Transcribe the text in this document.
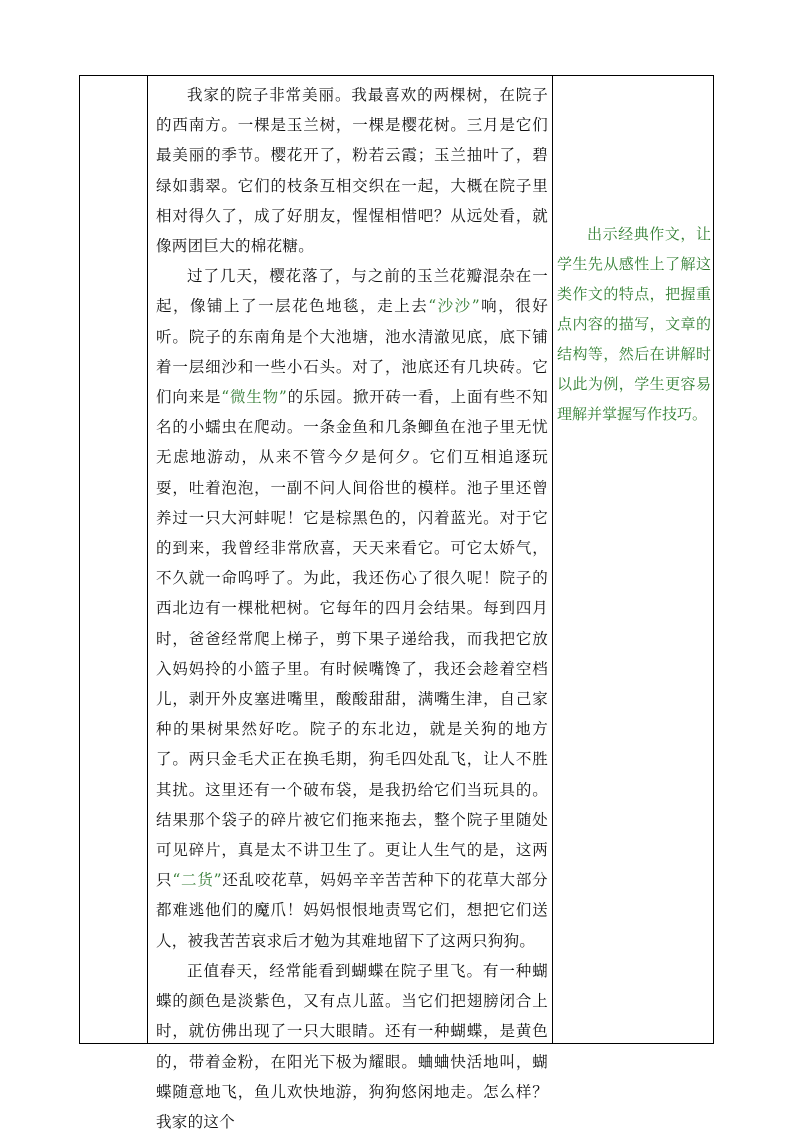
我家的院子非常美丽。我最喜欢的两棵树，在院子的西南方。一棵是玉兰树，一棵是樱花树。三月是它们最美丽的季节。樱花开了，粉若云霞；玉兰抽叶了，碧绿如翡翠。它们的枝条互相交织在一起，大概在院子里相对得久了，成了好朋友，惺惺相惜吧？从远处看，就像两团巨大的棉花糖。

过了几天，樱花落了，与之前的玉兰花瓣混杂在一起，像铺上了一层花色地毯，走上去“沙沙”响，很好听。院子的东南角是个大池塘，池水清澈见底，底下铺着一层细沙和一些小石头。对了，池底还有几块砖。它们向来是“微生物”的乐园。掀开砖一看，上面有些不知名的小蠕虫在爬动。一条金鱼和几条鲫鱼在池子里无忧无虑地游动，从来不管今夕是何夕。它们互相追逐玩耍，吐着泡泡，一副不问人间俗世的模样。池子里还曾养过一只大河蚌呢！它是棕黑色的，闪着蓝光。对于它的到来，我曾经非常欣喜，天天来看它。可它太娇气，不久就一命呜呼了。为此，我还伤心了很久呢！院子的西北边有一棵枇杷树。它每年的四月会结果。每到四月时，爸爸经常爬上梯子，剪下果子递给我，而我把它放入妈妈拎的小篮子里。有时候嘴馋了，我还会趁着空档儿，剥开外皮塞进嘴里，酸酸甜甜，满嘴生津，自己家种的果树果然好吃。院子的东北边，就是关狗的地方了。两只金毛犬正在换毛期，狗毛四处乱飞，让人不胜其扰。这里还有一个破布袋，是我扔给它们当玩具的。结果那个袋子的碎片被它们拖来拖去，整个院子里随处可见碎片，真是太不讲卫生了。更让人生气的是，这两只“二货”还乱咬花草，妈妈辛辛苦苦种下的花草大部分都难逃他们的魔爪！妈妈恨恨地责骂它们，想把它们送人，被我苦苦哀求后才勉为其难地留下了这两只狗狗。

正值春天，经常能看到蝴蝶在院子里飞。有一种蝴蝶的颜色是淡紫色，又有点儿蓝。当它们把翅膀闭合上时，就仿佛出现了一只大眼睛。还有一种蝴蝶，是黄色的，带着金粉，在阳光下极为耀眼。蛐蛐快活地叫，蝴蝶随意地飞，鱼儿欢快地游，狗狗悠闲地走。怎么样？我家的这个

出示经典作文，让学生先从感性上了解这类作文的特点，把握重点内容的描写，文章的结构等，然后在讲解时以此为例，学生更容易理解并掌握写作技巧。
